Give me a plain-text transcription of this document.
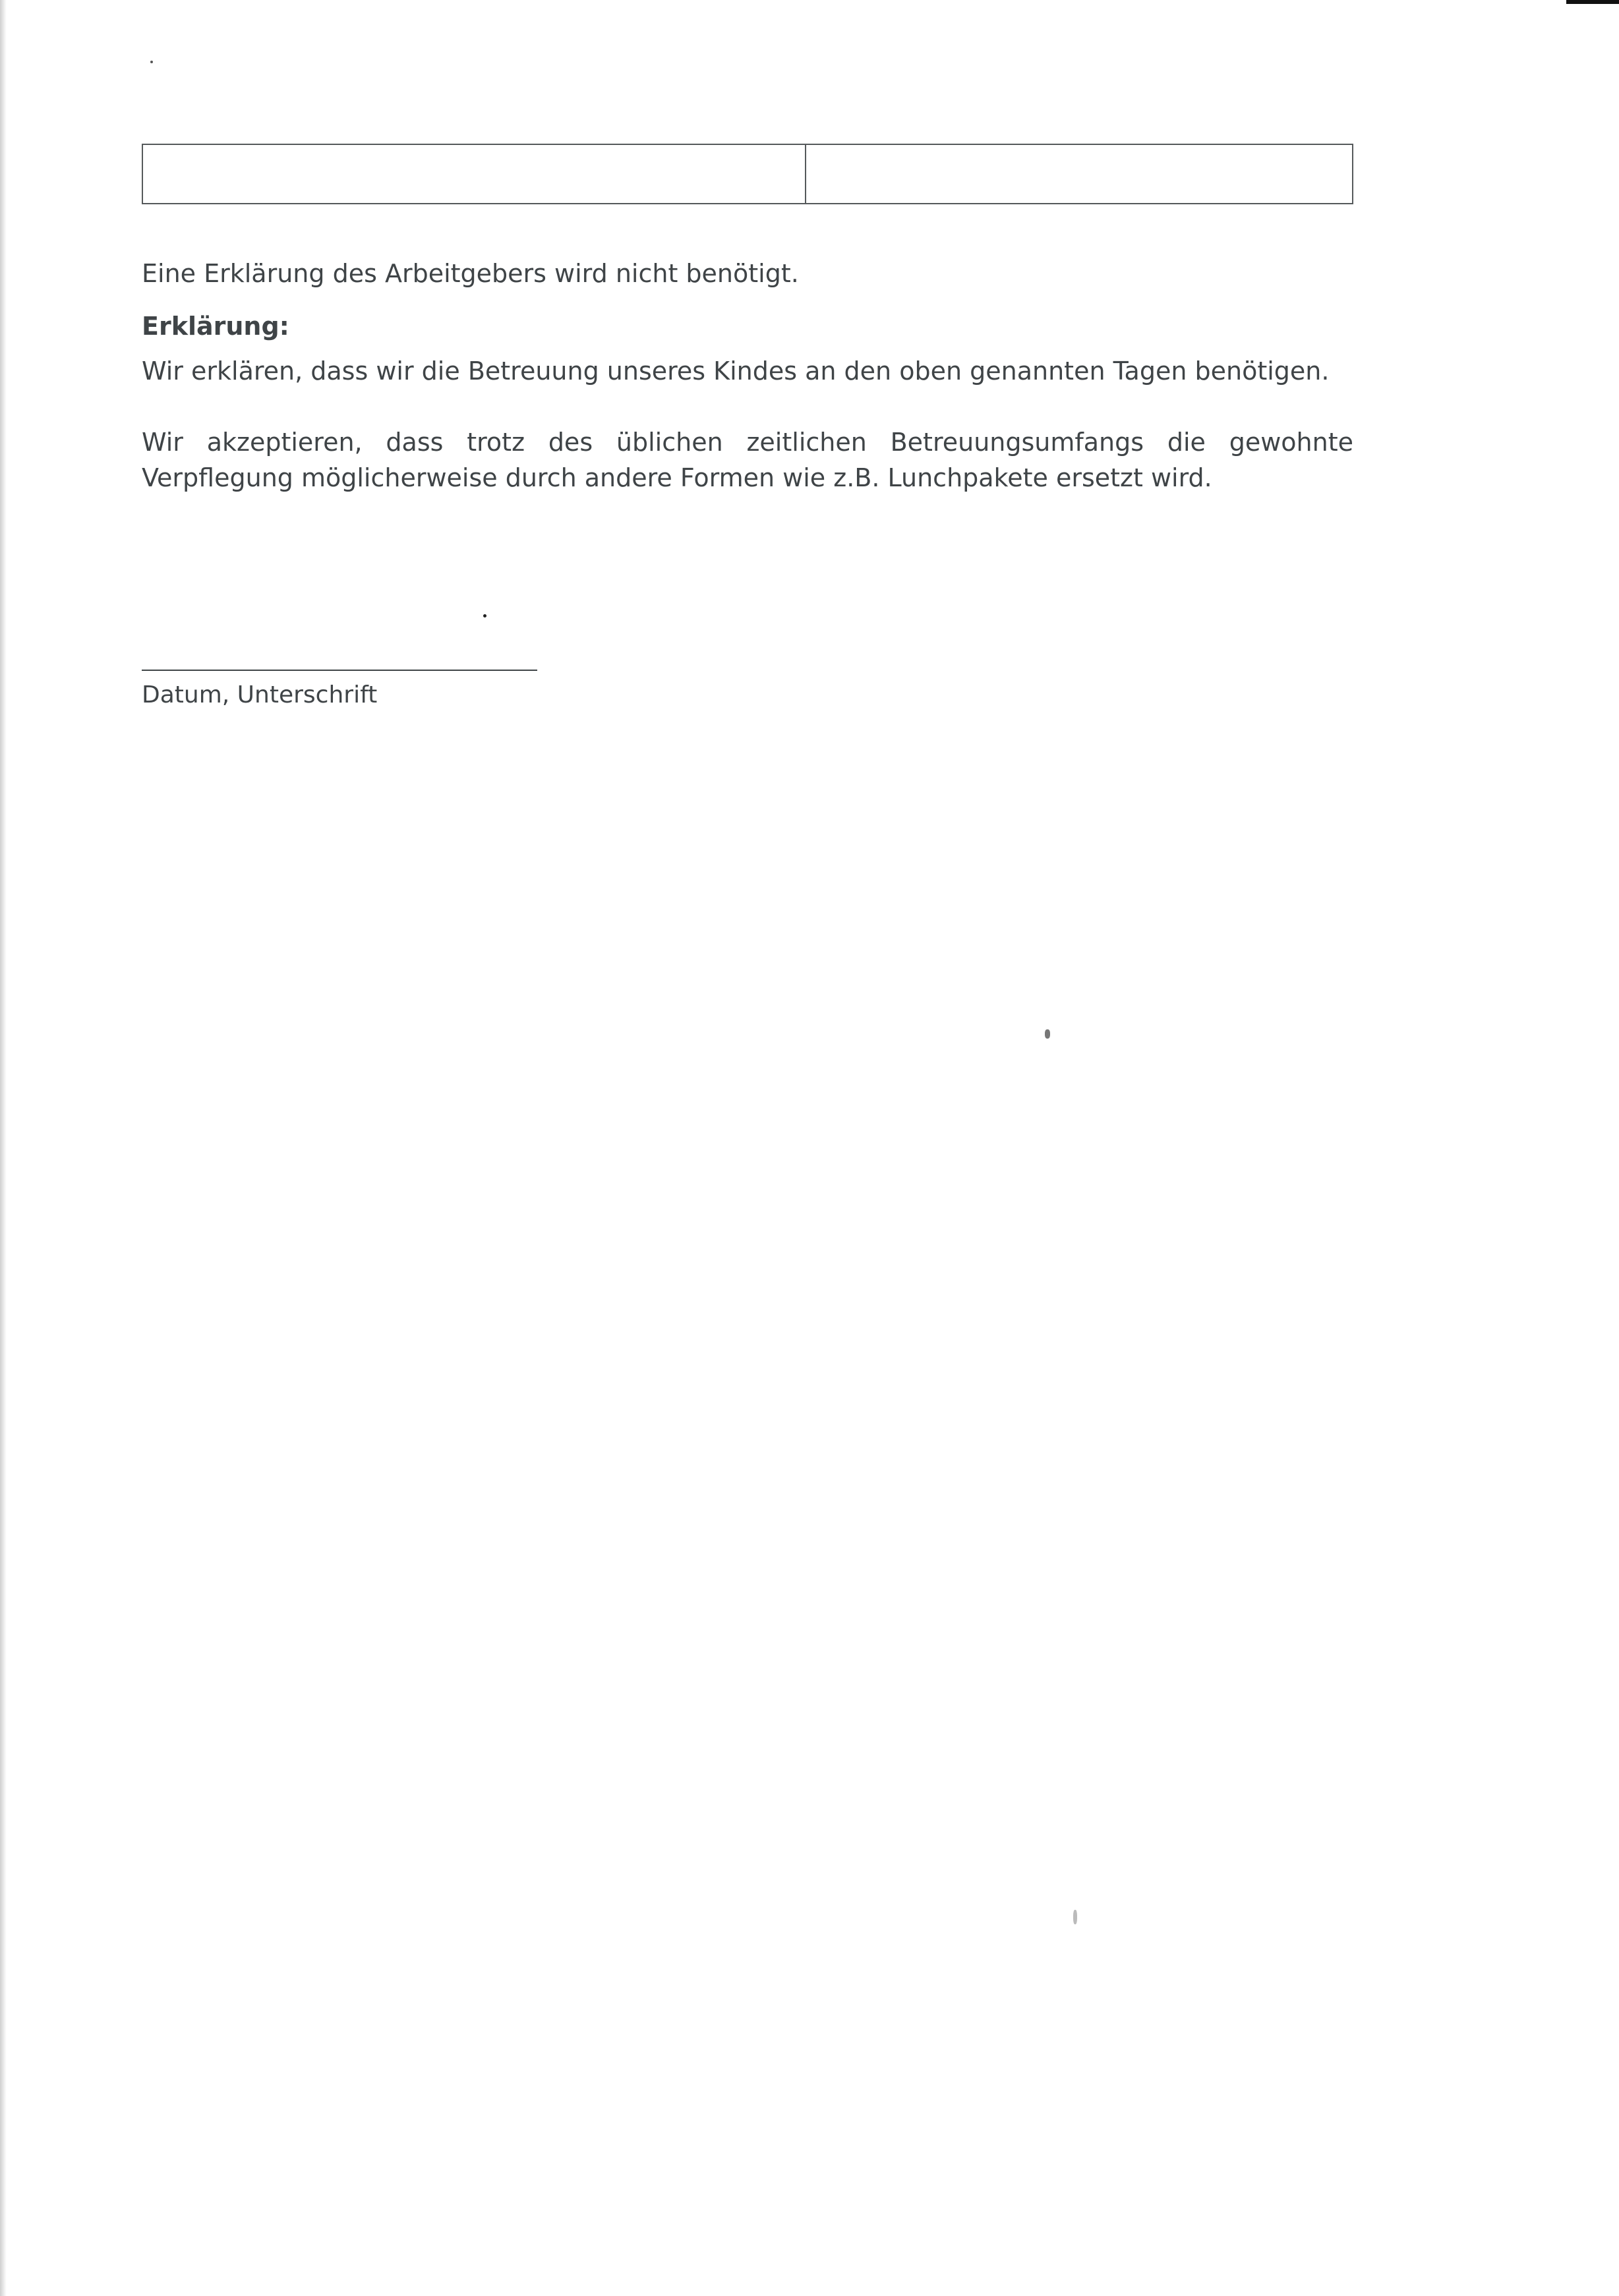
Eine Erklärung des Arbeitgebers wird nicht benötigt.

Erklärung:

Wir erklären, dass wir die Betreuung unseres Kindes an den oben genannten Tagen benötigen.

Wir akzeptieren, dass trotz des üblichen zeitlichen Betreuungsumfangs die gewohnte Verpflegung möglicherweise durch andere Formen wie z.B. Lunchpakete ersetzt wird.

Datum, Unterschrift
